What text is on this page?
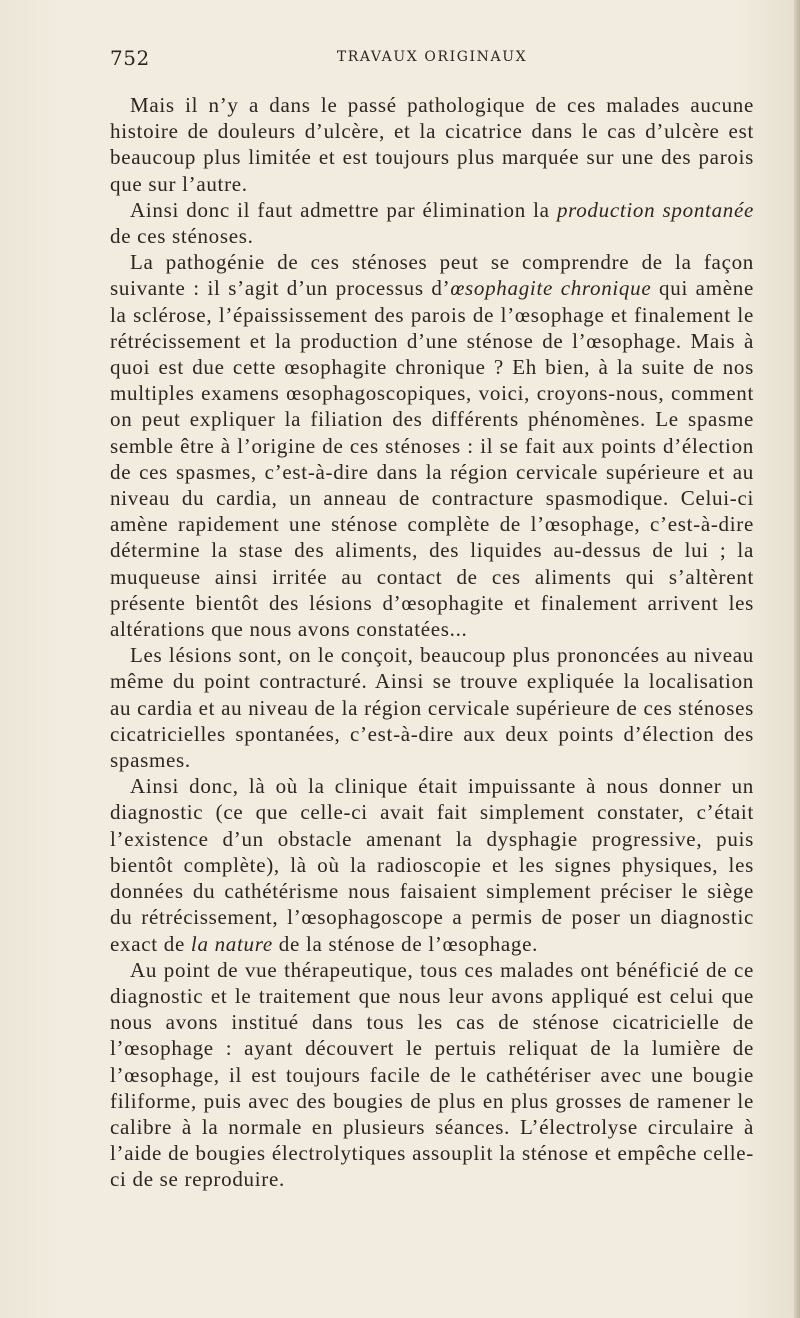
752	TRAVAUX ORIGINAUX

Mais il n’y a dans le passé pathologique de ces malades aucune histoire de douleurs d’ulcère, et la cicatrice dans le cas d’ulcère est beaucoup plus limitée et est toujours plus marquée sur une des parois que sur l’autre.

Ainsi donc il faut admettre par élimination la production spontanée de ces sténoses.

La pathogénie de ces sténoses peut se comprendre de la façon suivante : il s’agit d’un processus d’œsophagite chronique qui amène la sclérose, l’épaississement des parois de l’œsophage et finalement le rétrécissement et la production d’une sténose de l’œsophage. Mais à quoi est due cette œsophagite chronique ? Eh bien, à la suite de nos multiples examens œsophagoscopiques, voici, croyons-nous, comment on peut expliquer la filiation des différents phénomènes. Le spasme semble être à l’origine de ces sténoses : il se fait aux points d’élection de ces spasmes, c’est-à-dire dans la région cervicale supérieure et au niveau du cardia, un anneau de contracture spasmodique. Celui-ci amène rapidement une sténose complète de l’œsophage, c’est-à-dire détermine la stase des aliments, des liquides au-dessus de lui ; la muqueuse ainsi irritée au contact de ces aliments qui s’altèrent présente bientôt des lésions d’œsophagite et finalement arrivent les altérations que nous avons constatées...

Les lésions sont, on le conçoit, beaucoup plus prononcées au niveau même du point contracturé. Ainsi se trouve expliquée la localisation au cardia et au niveau de la région cervicale supérieure de ces sténoses cicatricielles spontanées, c’est-à-dire aux deux points d’élection des spasmes.

Ainsi donc, là où la clinique était impuissante à nous donner un diagnostic (ce que celle-ci avait fait simplement constater, c’était l’existence d’un obstacle amenant la dysphagie progressive, puis bientôt complète), là où la radioscopie et les signes physiques, les données du cathétérisme nous faisaient simplement préciser le siège du rétrécissement, l’œsophagoscope a permis de poser un diagnostic exact de la nature de la sténose de l’œsophage.

Au point de vue thérapeutique, tous ces malades ont bénéficié de ce diagnostic et le traitement que nous leur avons appliqué est celui que nous avons institué dans tous les cas de sténose cicatricielle de l’œsophage : ayant découvert le pertuis reliquat de la lumière de l’œsophage, il est toujours facile de le cathétériser avec une bougie filiforme, puis avec des bougies de plus en plus grosses de ramener le calibre à la normale en plusieurs séances. L’électrolyse circulaire à l’aide de bougies électrolytiques assouplit la sténose et empêche celle-ci de se reproduire.
